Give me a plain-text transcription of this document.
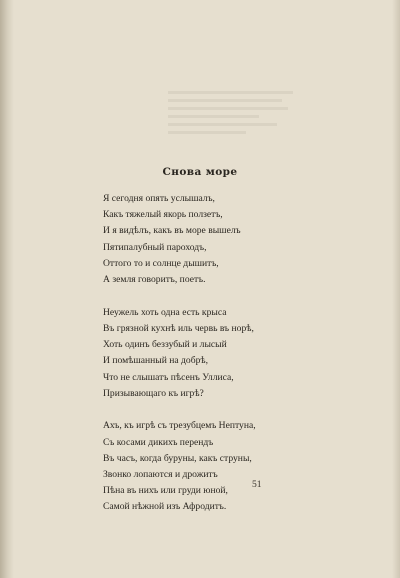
Снова море
Я сегодня опять услышалъ,
Какъ тяжелый якорь ползетъ,
И я видѣлъ, какъ въ море вышелъ
Пятипалубный пароходъ,
Оттого то и солнце дышитъ,
А земля говоритъ, поетъ.
Неужель хоть одна есть крыса
Въ грязной кухнѣ иль червь въ норѣ,
Хоть одинъ беззубый и лысый
И помѣшанный на добрѣ,
Что не слышатъ пѣсенъ Уллиса,
Призывающаго къ игрѣ?
Ахъ, къ игрѣ съ трезубцемъ Нептуна,
Съ косами дикихъ перендъ
Въ часъ, когда буруны, какъ струны,
Звонко лопаются и дрожитъ
Пѣна въ нихъ или груди юной,
Самой нѣжной изъ Афродитъ.
51
